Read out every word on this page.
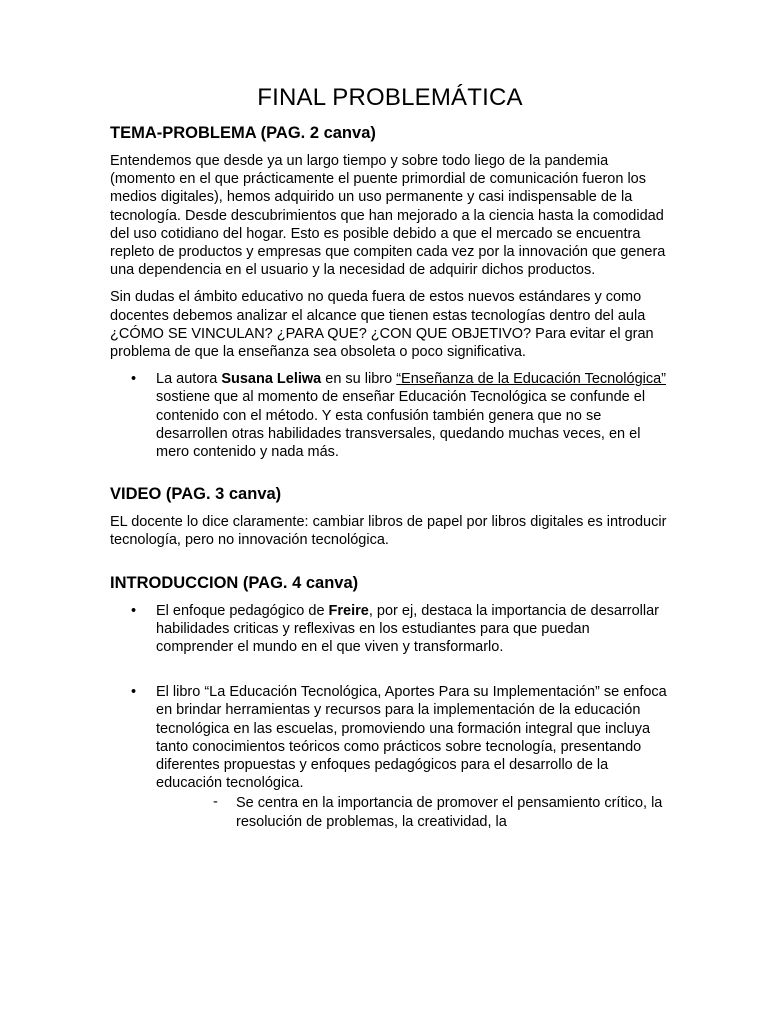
FINAL PROBLEMÁTICA
TEMA-PROBLEMA (PAG. 2 canva)

Entendemos que desde ya un largo tiempo y sobre todo liego de la pandemia (momento en el que prácticamente el puente primordial de comunicación fueron los medios digitales), hemos adquirido un uso permanente y casi indispensable de la tecnología. Desde descubrimientos que han mejorado a la ciencia hasta la comodidad del uso cotidiano del hogar. Esto es posible debido a que el mercado se encuentra repleto de productos y empresas que compiten cada vez por la innovación que genera una dependencia en el usuario y la necesidad de adquirir dichos productos.

Sin dudas el ámbito educativo no queda fuera de estos nuevos estándares y como docentes debemos analizar el alcance que tienen estas tecnologías dentro del aula ¿CÓMO SE VINCULAN? ¿PARA QUE? ¿CON QUE OBJETIVO? Para evitar el gran problema de que la enseñanza sea obsoleta o poco significativa.

• La autora Susana Leliwa en su libro “Enseñanza de la Educación Tecnológica” sostiene que al momento de enseñar Educación Tecnológica se confunde el contenido con el método. Y esta confusión también genera que no se desarrollen otras habilidades transversales, quedando muchas veces, en el mero contenido y nada más.
VIDEO (PAG. 3 canva)

EL docente lo dice claramente: cambiar libros de papel por libros digitales es introducir tecnología, pero no innovación tecnológica.

INTRODUCCION (PAG. 4 canva)
• El enfoque pedagógico de Freire, por ej, destaca la importancia de desarrollar habilidades criticas y reflexivas en los estudiantes para que puedan comprender el mundo en el que viven y transformarlo.
• El libro “La Educación Tecnológica, Aportes Para su Implementación” se enfoca en brindar herramientas y recursos para la implementación de la educación tecnológica en las escuelas, promoviendo una formación integral que incluya tanto conocimientos teóricos como prácticos sobre tecnología, presentando diferentes propuestas y enfoques pedagógicos para el desarrollo de la educación tecnológica.
- Se centra en la importancia de promover el pensamiento crítico, la resolución de problemas, la creatividad, la
